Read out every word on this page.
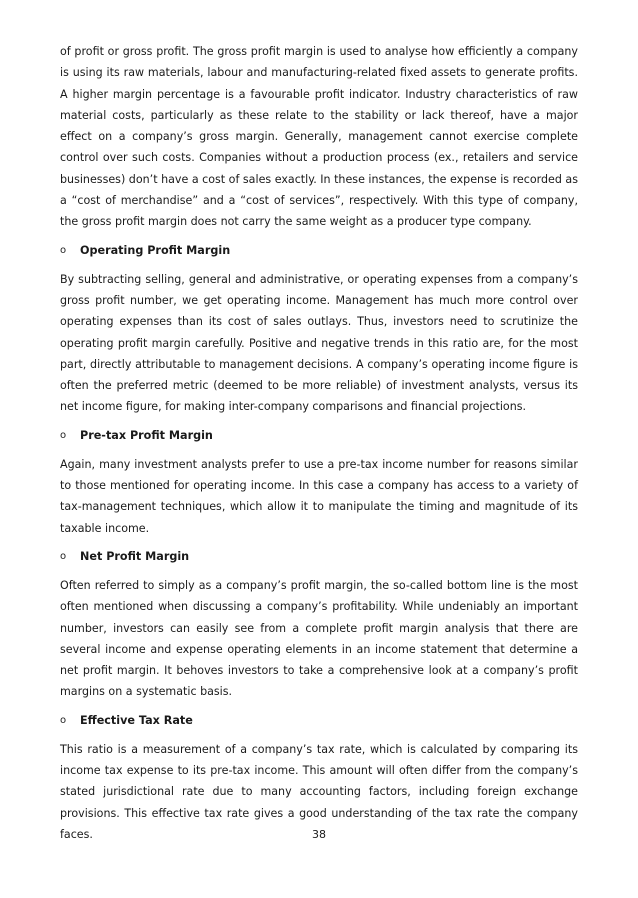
of profit or gross profit. The gross profit margin is used to analyse how efficiently a company is using its raw materials, labour and manufacturing-related fixed assets to generate profits. A higher margin percentage is a favourable profit indicator. Industry characteristics of raw material costs, particularly as these relate to the stability or lack thereof, have a major effect on a company’s gross margin. Generally, management cannot exercise complete control over such costs. Companies without a production process (ex., retailers and service businesses) don’t have a cost of sales exactly. In these instances, the expense is recorded as a “cost of merchandise” and a “cost of services”, respectively. With this type of company, the gross profit margin does not carry the same weight as a producer type company.

o	Operating Profit Margin

By subtracting selling, general and administrative, or operating expenses from a company’s gross profit number, we get operating income. Management has much more control over operating expenses than its cost of sales outlays. Thus, investors need to scrutinize the operating profit margin carefully. Positive and negative trends in this ratio are, for the most part, directly attributable to management decisions. A company’s operating income figure is often the preferred metric (deemed to be more reliable) of investment analysts, versus its net income figure, for making inter-company comparisons and financial projections.

o	Pre-tax Profit Margin

Again, many investment analysts prefer to use a pre-tax income number for reasons similar to those mentioned for operating income. In this case a company has access to a variety of tax-management techniques, which allow it to manipulate the timing and magnitude of its taxable income.

o	Net Profit Margin

Often referred to simply as a company’s profit margin, the so-called bottom line is the most often mentioned when discussing a company’s profitability. While undeniably an important number, investors can easily see from a complete profit margin analysis that there are several income and expense operating elements in an income statement that determine a net profit margin. It behoves investors to take a comprehensive look at a company’s profit margins on a systematic basis.

o	Effective Tax Rate

This ratio is a measurement of a company’s tax rate, which is calculated by comparing its income tax expense to its pre-tax income. This amount will often differ from the company’s stated jurisdictional rate due to many accounting factors, including foreign exchange provisions. This effective tax rate gives a good understanding of the tax rate the company faces.	38
